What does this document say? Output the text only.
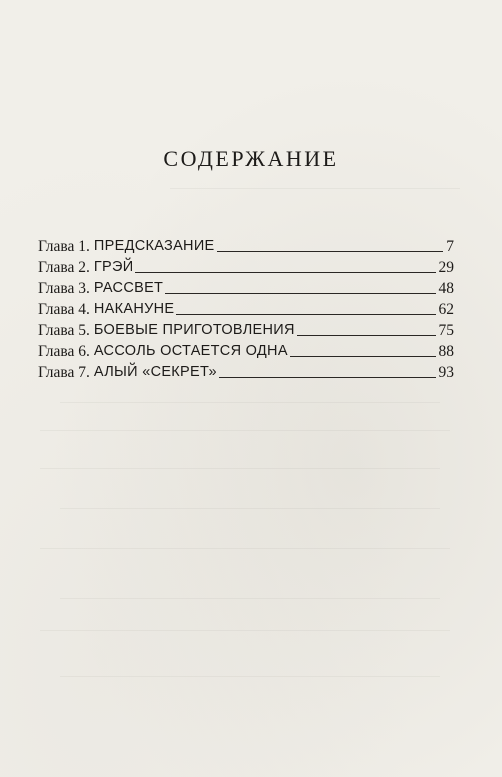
СОДЕРЖАНИЕ
Глава 1. ПРЕДСКАЗАНИЕ	7
Глава 2. ГРЭЙ	29
Глава 3. РАССВЕТ	48
Глава 4. НАКАНУНЕ	62
Глава 5. БОЕВЫЕ ПРИГОТОВЛЕНИЯ	75
Глава 6. АССОЛЬ ОСТАЕТСЯ ОДНА	88
Глава 7. АЛЫЙ «СЕКРЕТ»	93
